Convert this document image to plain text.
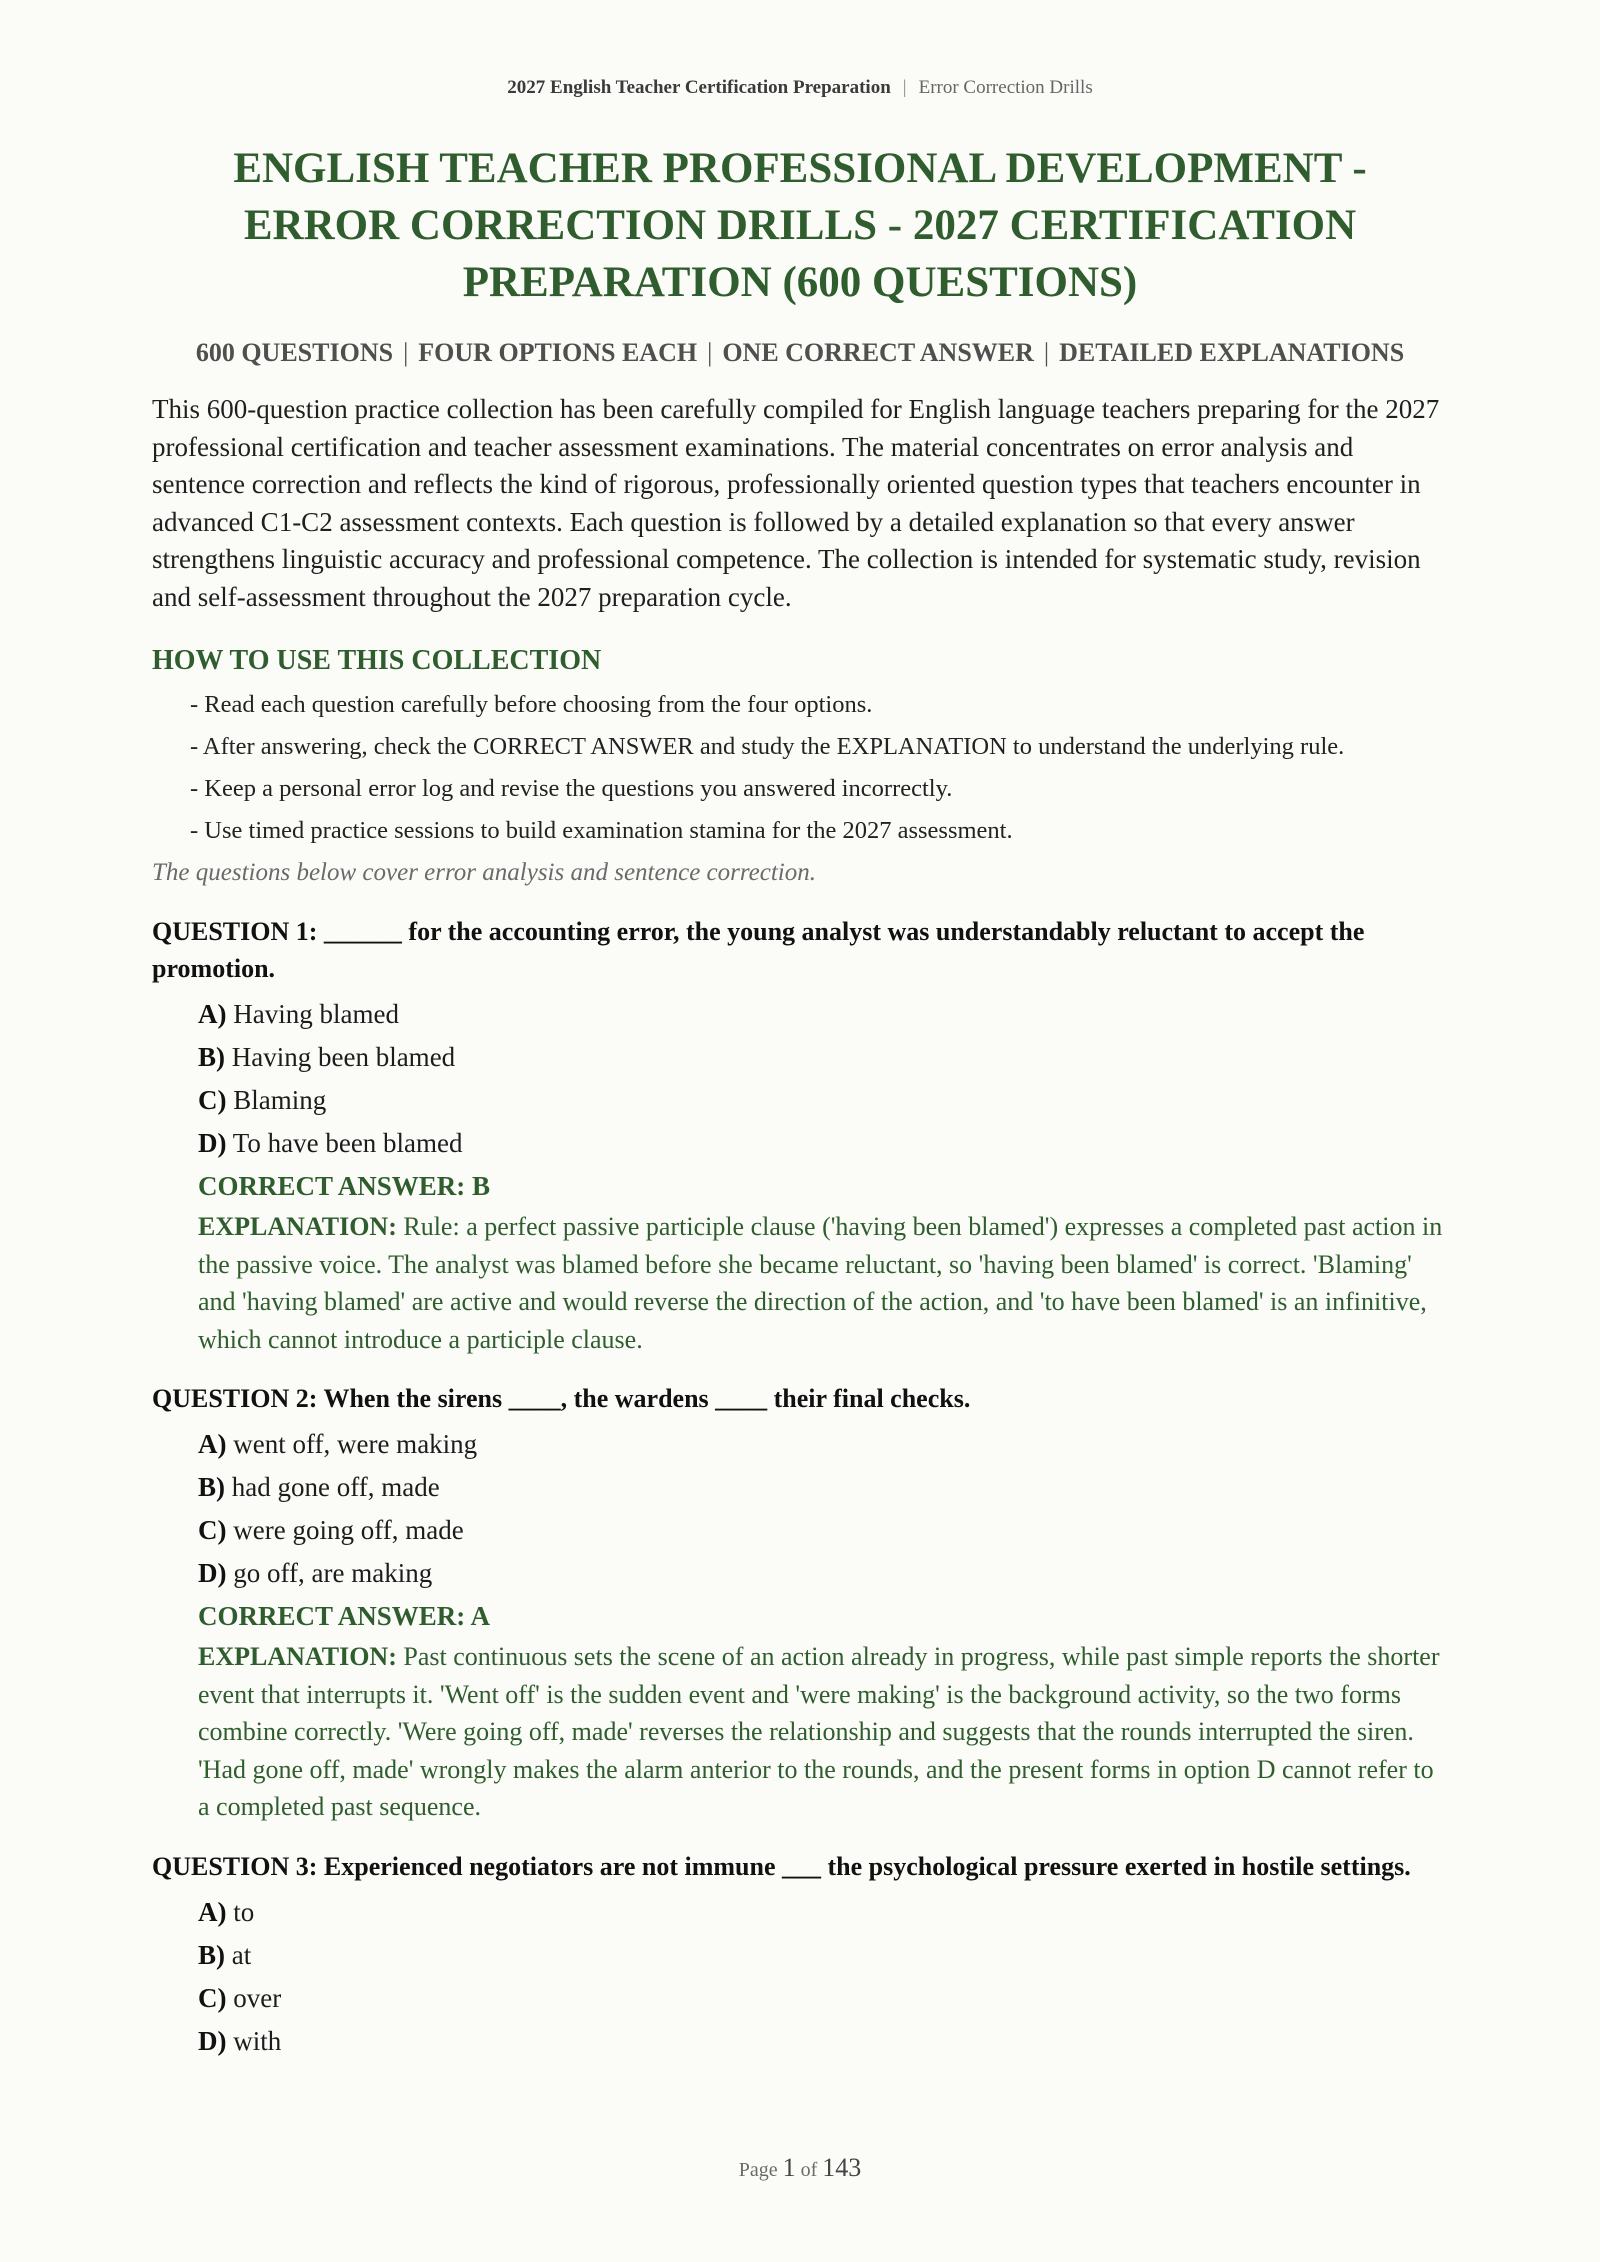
2027 English Teacher Certification Preparation | Error Correction Drills
ENGLISH TEACHER PROFESSIONAL DEVELOPMENT -
ERROR CORRECTION DRILLS - 2027 CERTIFICATION
PREPARATION (600 QUESTIONS)
600 QUESTIONS | FOUR OPTIONS EACH | ONE CORRECT ANSWER | DETAILED EXPLANATIONS

This 600-question practice collection has been carefully compiled for English language teachers preparing for the 2027 professional certification and teacher assessment examinations. The material concentrates on error analysis and sentence correction and reflects the kind of rigorous, professionally oriented question types that teachers encounter in advanced C1-C2 assessment contexts. Each question is followed by a detailed explanation so that every answer strengthens linguistic accuracy and professional competence. The collection is intended for systematic study, revision and self-assessment throughout the 2027 preparation cycle.

HOW TO USE THIS COLLECTION
- Read each question carefully before choosing from the four options.
- After answering, check the CORRECT ANSWER and study the EXPLANATION to understand the underlying rule.
- Keep a personal error log and revise the questions you answered incorrectly.
- Use timed practice sessions to build examination stamina for the 2027 assessment.
The questions below cover error analysis and sentence correction.
QUESTION 1: ______ for the accounting error, the young analyst was understandably reluctant to accept the promotion.
A) Having blamed
B) Having been blamed
C) Blaming
D) To have been blamed
CORRECT ANSWER: B
EXPLANATION: Rule: a perfect passive participle clause ('having been blamed') expresses a completed past action in the passive voice. The analyst was blamed before she became reluctant, so 'having been blamed' is correct. 'Blaming' and 'having blamed' are active and would reverse the direction of the action, and 'to have been blamed' is an infinitive, which cannot introduce a participle clause.
QUESTION 2: When the sirens ____, the wardens ____ their final checks.
A) went off, were making
B) had gone off, made
C) were going off, made
D) go off, are making
CORRECT ANSWER: A
EXPLANATION: Past continuous sets the scene of an action already in progress, while past simple reports the shorter event that interrupts it. 'Went off' is the sudden event and 'were making' is the background activity, so the two forms combine correctly. 'Were going off, made' reverses the relationship and suggests that the rounds interrupted the siren. 'Had gone off, made' wrongly makes the alarm anterior to the rounds, and the present forms in option D cannot refer to a completed past sequence.
QUESTION 3: Experienced negotiators are not immune ___ the psychological pressure exerted in hostile settings.
A) to
B) at
C) over
D) with
Page 1 of 143
